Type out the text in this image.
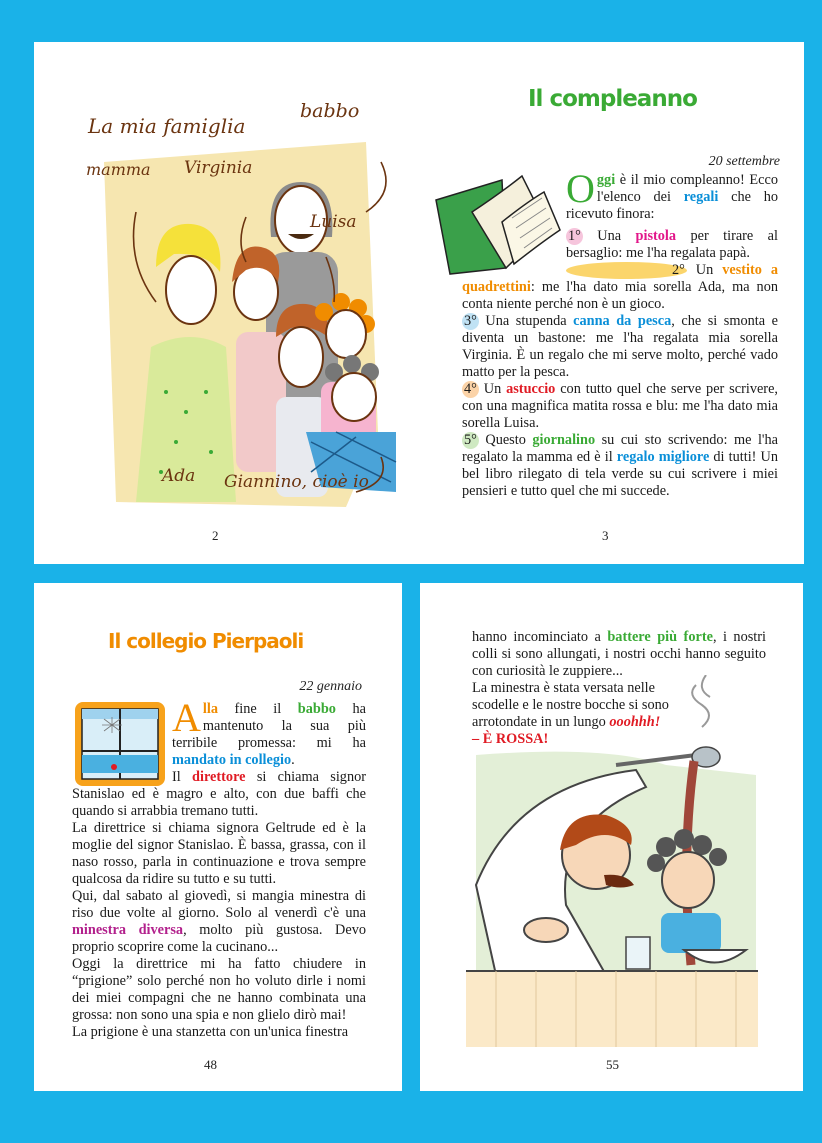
La mia famiglia
babbo
mamma Virginia
Luisa
Ada Giannino, cioè io
2	3
Il compleanno
20 settembre

Oggi è il mio compleanno! Ecco l'elenco dei regali che ho ricevuto finora:

1° Una pistola per tirare al bersaglio: me l'ha regalata papà.

2° Un vestito a quadrettini: me l'ha dato mia sorella Ada, ma non conta niente perché non è un gioco.

3° Una stupenda canna da pesca, che si smonta e diventa un bastone: me l'ha regalata mia sorella Virginia. È un regalo che mi serve molto, perché vado matto per la pesca.

4° Un astuccio con tutto quel che serve per scrivere, con una magnifica matita rossa e blu: me l'ha dato mia sorella Luisa.

5° Questo giornalino su cui sto scrivendo: me l'ha regalato la mamma ed è il regalo migliore di tutti! Un bel libro rilegato di tela verde su cui scrivere i miei pensieri e tutto quel che mi succede.

Il collegio Pierpaoli
22 gennaio

Alla fine il babbo ha mantenuto la sua più terribile promessa: mi ha mandato in collegio.

Il direttore si chiama signor Stanislao ed è magro e alto, con due baffi che quando si arrabbia tremano tutti.

La direttrice si chiama signora Geltrude ed è la moglie del signor Stanislao. È bassa, grassa, con il naso rosso, parla in continuazione e trova sempre qualcosa da ridire su tutto e su tutti.

Qui, dal sabato al giovedì, si mangia minestra di riso due volte al giorno. Solo al venerdì c'è una minestra diversa, molto più gustosa. Devo proprio scoprire come la cucinano...

Oggi la direttrice mi ha fatto chiudere in “prigione” solo perché non ho voluto dirle i nomi dei miei compagni che ne hanno combinata una grossa: non sono una spia e non glielo dirò mai!

La prigione è una stanzetta con un'unica finestra

48

hanno incominciato a battere più forte, i nostri colli si sono allungati, i nostri occhi hanno seguito con curiosità le zuppiere...

La minestra è stata versata nelle

scodelle e le nostre bocche si sono

arrotondate in un lungo ooohhh!

– È ROSSA!

55
